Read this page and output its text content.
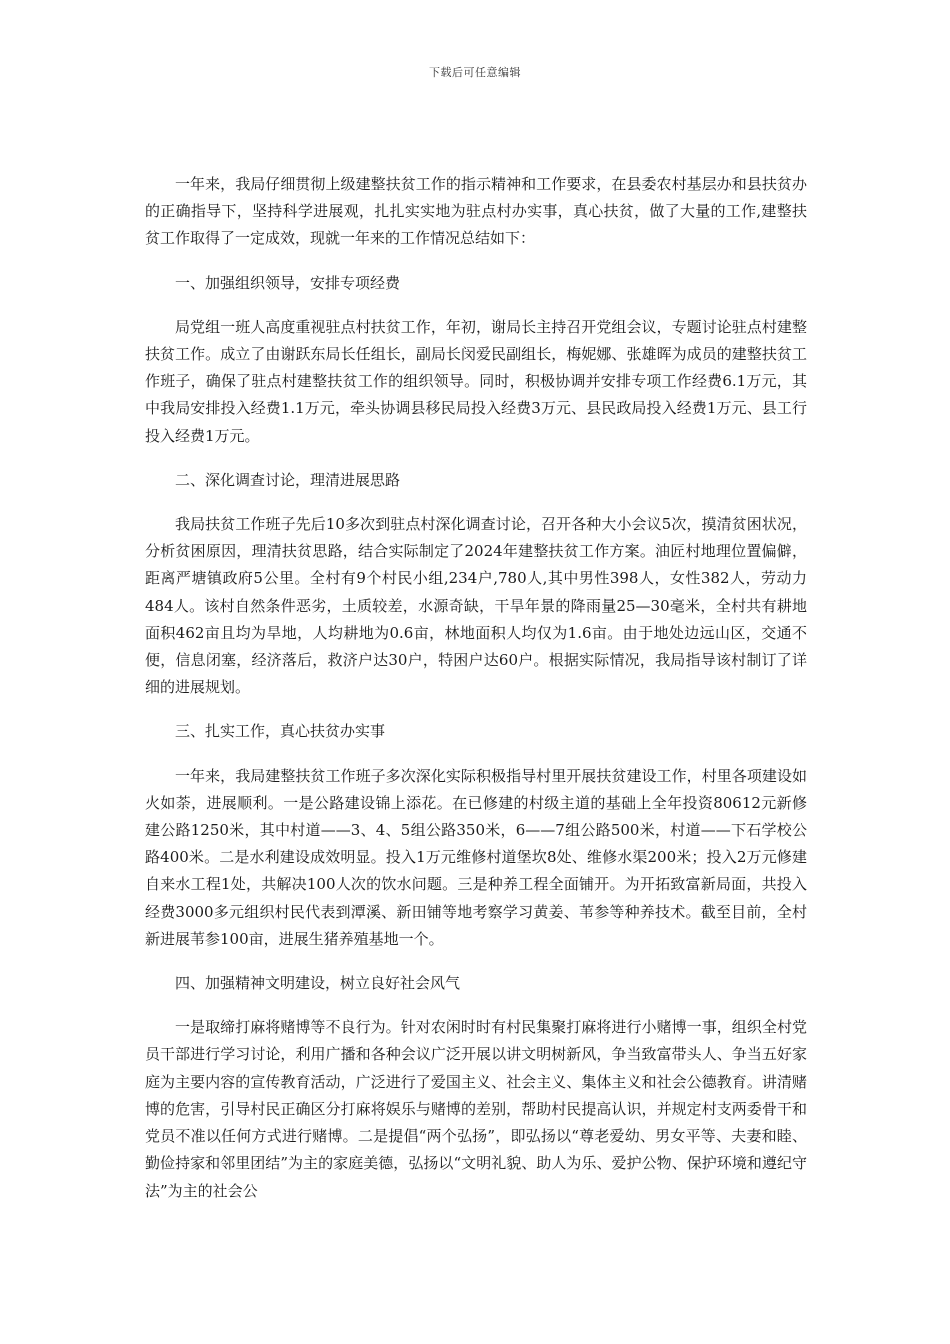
下载后可任意编辑

一年来，我局仔细贯彻上级建整扶贫工作的指示精神和工作要求，在县委农村基层办和县扶贫办的正确指导下，坚持科学进展观，扎扎实实地为驻点村办实事，真心扶贫，做了大量的工作,建整扶贫工作取得了一定成效，现就一年来的工作情况总结如下：

一、加强组织领导，安排专项经费

局党组一班人高度重视驻点村扶贫工作，年初，谢局长主持召开党组会议，专题讨论驻点村建整扶贫工作。成立了由谢跃东局长任组长，副局长闵爱民副组长，梅妮娜、张雄晖为成员的建整扶贫工作班子，确保了驻点村建整扶贫工作的组织领导。同时，积极协调并安排专项工作经费6.1万元，其中我局安排投入经费1.1万元，牵头协调县移民局投入经费3万元、县民政局投入经费1万元、县工行投入经费1万元。

二、深化调查讨论，理清进展思路

我局扶贫工作班子先后10多次到驻点村深化调查讨论，召开各种大小会议5次，摸清贫困状况，分析贫困原因，理清扶贫思路，结合实际制定了2024年建整扶贫工作方案。油匠村地理位置偏僻，距离严塘镇政府5公里。全村有9个村民小组,234户,780人,其中男性398人，女性382人，劳动力484人。该村自然条件恶劣，土质较差，水源奇缺，干旱年景的降雨量25—30毫米，全村共有耕地面积462亩且均为旱地，人均耕地为0.6亩，林地面积人均仅为1.6亩。由于地处边远山区，交通不便，信息闭塞，经济落后，救济户达30户，特困户达60户。根据实际情况，我局指导该村制订了详细的进展规划。

三、扎实工作，真心扶贫办实事

一年来，我局建整扶贫工作班子多次深化实际积极指导村里开展扶贫建设工作，村里各项建设如火如荼，进展顺利。一是公路建设锦上添花。在已修建的村级主道的基础上全年投资80612元新修建公路1250米，其中村道——3、4、5组公路350米，6——7组公路500米，村道——下石学校公路400米。二是水利建设成效明显。投入1万元维修村道堡坎8处、维修水渠200米；投入2万元修建自来水工程1处，共解决100人次的饮水问题。三是种养工程全面铺开。为开拓致富新局面，共投入经费3000多元组织村民代表到潭溪、新田铺等地考察学习黄姜、苇参等种养技术。截至目前，全村新进展苇参100亩，进展生猪养殖基地一个。

四、加强精神文明建设，树立良好社会风气

一是取缔打麻将赌博等不良行为。针对农闲时时有村民集聚打麻将进行小赌博一事，组织全村党员干部进行学习讨论，利用广播和各种会议广泛开展以讲文明树新风，争当致富带头人、争当五好家庭为主要内容的宣传教育活动，广泛进行了爱国主义、社会主义、集体主义和社会公德教育。讲清赌博的危害，引导村民正确区分打麻将娱乐与赌博的差别，帮助村民提高认识，并规定村支两委骨干和党员不准以任何方式进行赌博。二是提倡“两个弘扬”，即弘扬以“尊老爱幼、男女平等、夫妻和睦、勤俭持家和邻里团结”为主的家庭美德，弘扬以“文明礼貌、助人为乐、爱护公物、保护环境和遵纪守法”为主的社会公
